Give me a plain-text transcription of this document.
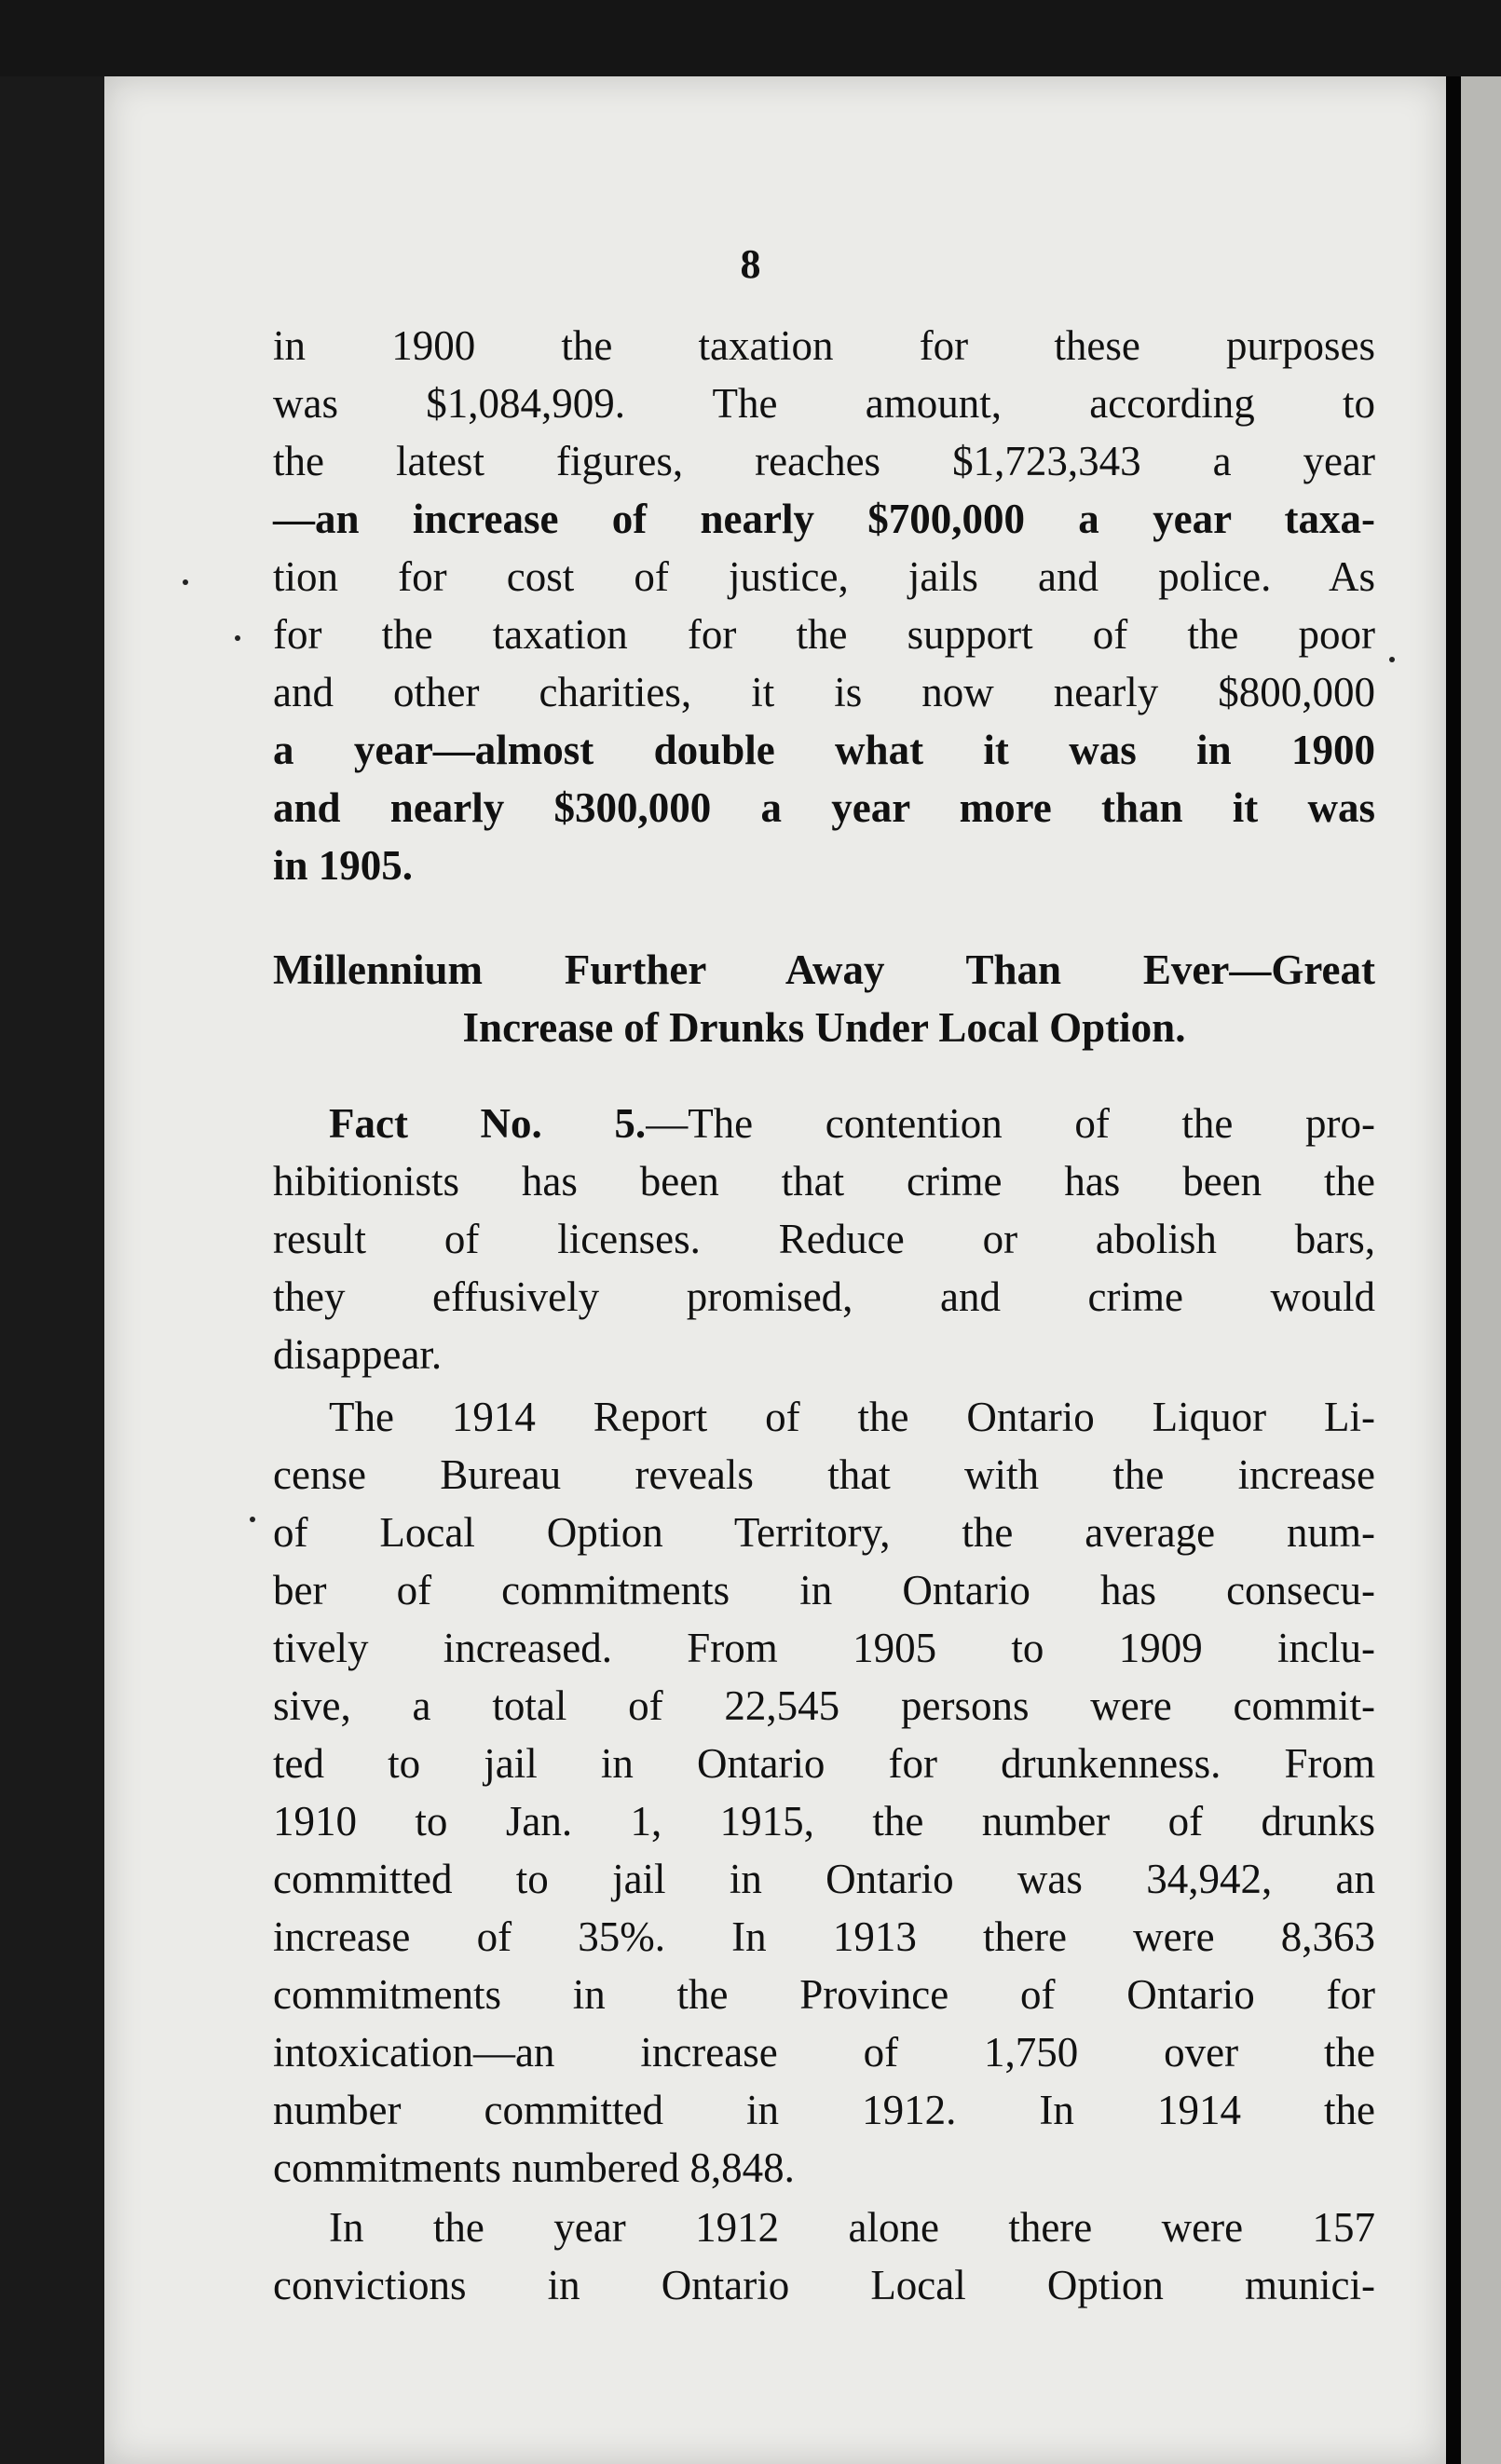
8
in 1900 the taxation for these purposes
was $1,084,909. The amount, according to
the latest figures, reaches $1,723,343 a year
—an increase of nearly $700,000 a year taxa-
tion for cost of justice, jails and police. As
for the taxation for the support of the poor
and other charities, it is now nearly $800,000
a year—almost double what it was in 1900
and nearly $300,000 a year more than it was
in 1905.
Millennium Further Away Than Ever—Great
Increase of Drunks Under Local Option.
Fact No. 5.—The contention of the pro-
hibitionists has been that crime has been the
result of licenses. Reduce or abolish bars,
they effusively promised, and crime would
disappear.
The 1914 Report of the Ontario Liquor Li-
cense Bureau reveals that with the increase
of Local Option Territory, the average num-
ber of commitments in Ontario has consecu-
tively increased. From 1905 to 1909 inclu-
sive, a total of 22,545 persons were commit-
ted to jail in Ontario for drunkenness. From
1910 to Jan. 1, 1915, the number of drunks
committed to jail in Ontario was 34,942, an
increase of 35%. In 1913 there were 8,363
commitments in the Province of Ontario for
intoxication—an increase of 1,750 over the
number committed in 1912. In 1914 the
commitments numbered 8,848.
In the year 1912 alone there were 157
convictions in Ontario Local Option munici-
